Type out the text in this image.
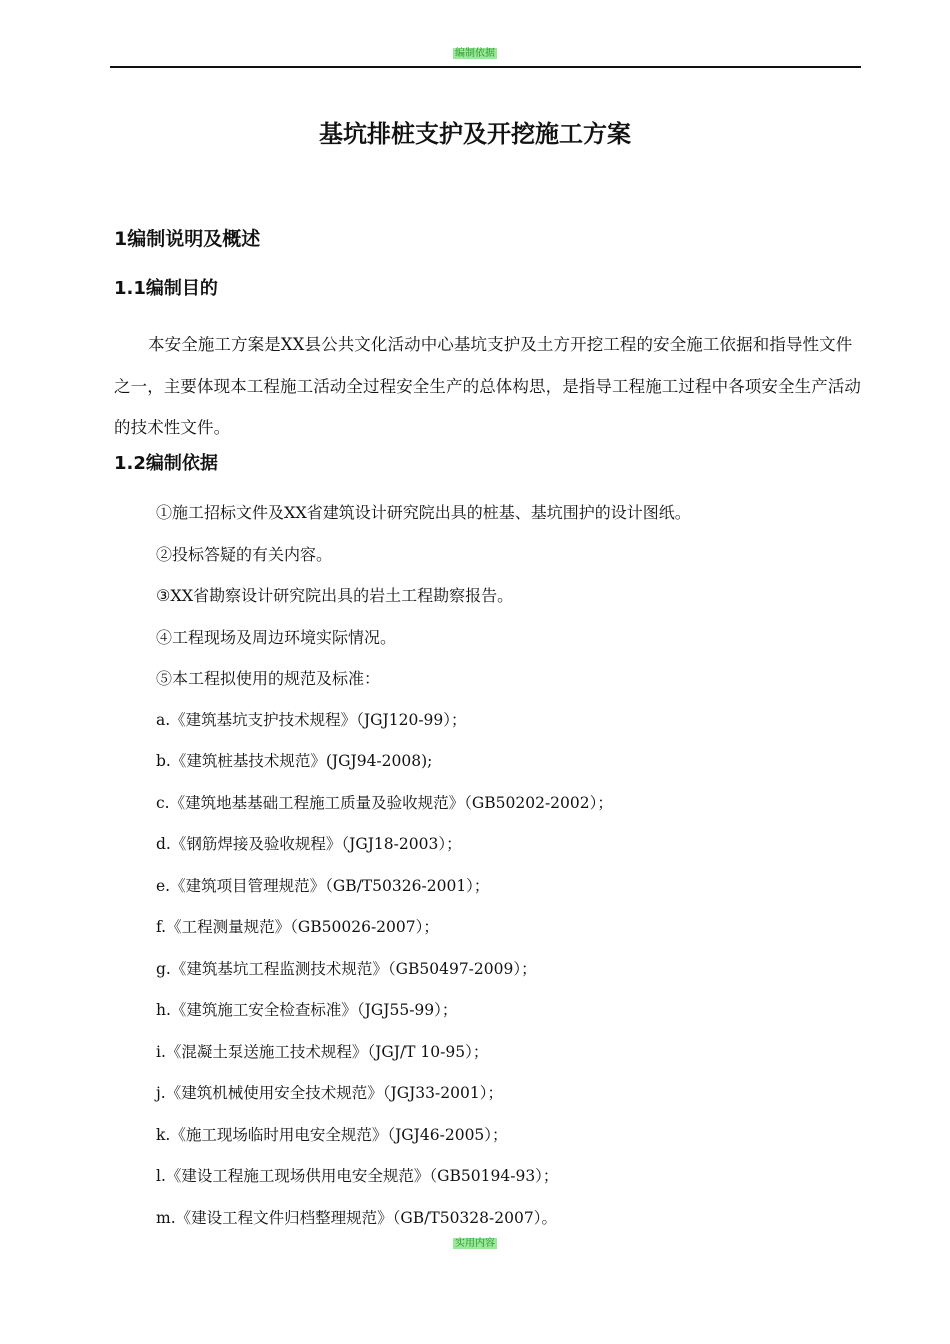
编制依据
基坑排桩支护及开挖施工方案
1编制说明及概述
1.1编制目的
本安全施工方案是XX县公共文化活动中心基坑支护及土方开挖工程的安全施工依据和指导性文件之一，主要体现本工程施工活动全过程安全生产的总体构思，是指导工程施工过程中各项安全生产活动的技术性文件。
1.2编制依据
①施工招标文件及XX省建筑设计研究院出具的桩基、基坑围护的设计图纸。
②投标答疑的有关内容。
③XX省勘察设计研究院出具的岩土工程勘察报告。
④工程现场及周边环境实际情况。
⑤本工程拟使用的规范及标准：
a.《建筑基坑支护技术规程》（JGJ120-99）；
b.《建筑桩基技术规范》(JGJ94-2008);
c.《建筑地基基础工程施工质量及验收规范》（GB50202-2002）；
d.《钢筋焊接及验收规程》（JGJ18-2003）；
e.《建筑项目管理规范》（GB/T50326-2001）；
f.《工程测量规范》（GB50026-2007）；
g.《建筑基坑工程监测技术规范》（GB50497-2009）；
h.《建筑施工安全检查标准》（JGJ55-99）；
i.《混凝土泵送施工技术规程》（JGJ/T 10-95）；
j.《建筑机械使用安全技术规范》（JGJ33-2001）；
k.《施工现场临时用电安全规范》（JGJ46-2005）；
l.《建设工程施工现场供用电安全规范》（GB50194-93）；
m.《建设工程文件归档整理规范》（GB/T50328-2007）。
实用内容
